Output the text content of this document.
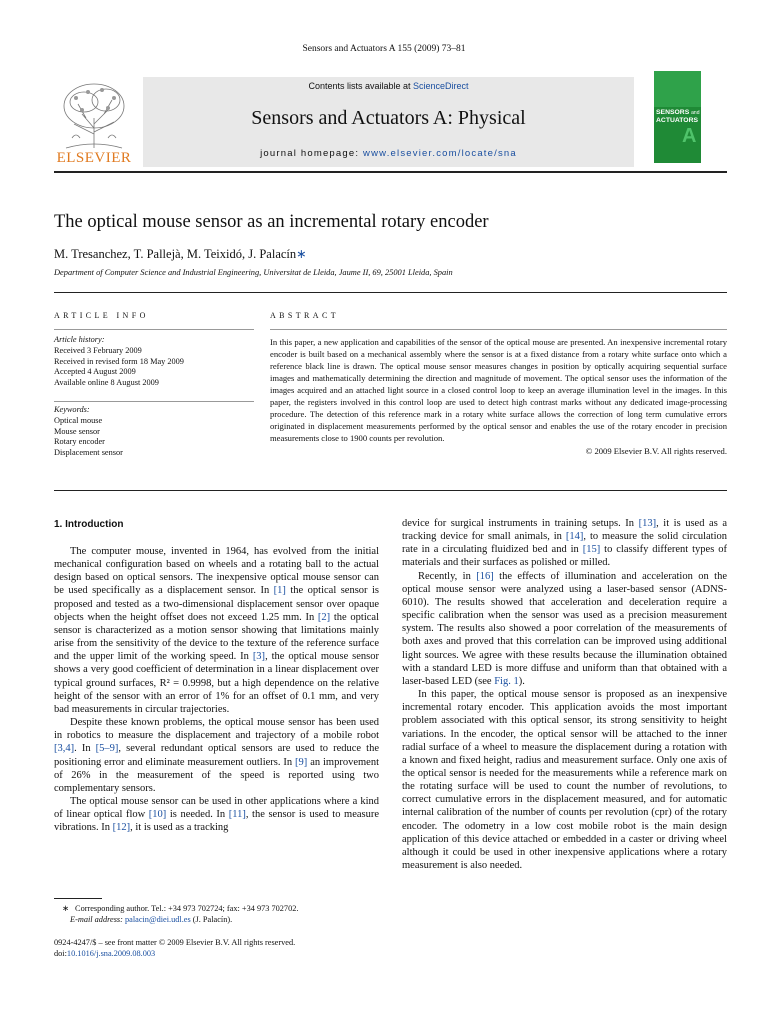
Sensors and Actuators A 155 (2009) 73–81
ELSEVIER
Contents lists available at ScienceDirect
Sensors and Actuators A: Physical
journal homepage: www.elsevier.com/locate/sna
SENSORS and
ACTUATORS
A
The optical mouse sensor as an incremental rotary encoder
M. Tresanchez, T. Pallejà, M. Teixidó, J. Palacín∗
Department of Computer Science and Industrial Engineering, Universitat de Lleida, Jaume II, 69, 25001 Lleida, Spain
ARTICLE INFO
Article history:
Received 3 February 2009
Received in revised form 18 May 2009
Accepted 4 August 2009
Available online 8 August 2009
Keywords:
Optical mouse
Mouse sensor
Rotary encoder
Displacement sensor
ABSTRACT
In this paper, a new application and capabilities of the sensor of the optical mouse are presented. An inexpensive incremental rotary encoder is built based on a mechanical assembly where the sensor is at a fixed distance from a rotary white surface onto which a reference black line is drawn. The optical mouse sensor measures changes in position by optically acquiring sequential surface images and mathematically determining the direction and magnitude of movement. The optical sensor uses the information of the images acquired and an attached light source in a closed control loop to keep an average illumination level in the images. In this paper, the registers involved in this control loop are used to detect high contrast marks without any dedicated image-processing procedure. The detection of this reference mark in a rotary white surface allows the correction of long term cumulative errors originated in displacement measurements performed by the optical sensor and enables the use of the rotary encoder in precision measurements close to 1900 counts per revolution.
© 2009 Elsevier B.V. All rights reserved.
1. Introduction

The computer mouse, invented in 1964, has evolved from the initial mechanical configuration based on wheels and a rotating ball to the actual design based on optical sensors. The inexpensive optical mouse sensor can be used specifically as a displacement sensor. In [1] the optical sensor is proposed and tested as a two-dimensional displacement sensor over opaque objects when the height offset does not exceed 1.25 mm. In [2] the optical sensor is characterized as a motion sensor showing that limitations mainly arise from the sensitivity of the device to the texture of the reference surface and the upper limit of the working speed. In [3], the optical mouse sensor shows a very good coefficient of determination in a linear displacement over typical ground surfaces, R² = 0.9998, but a high dependence on the relative height of the sensor with an error of 1% for an offset of 0.1 mm, and very bad measurements in circular trajectories.

Despite these known problems, the optical mouse sensor has been used in robotics to measure the displacement and trajectory of a mobile robot [3,4]. In [5–9], several redundant optical sensors are used to reduce the positioning error and eliminate measurement outliers. In [9] an improvement of 26% in the measurement of the speed is reported using two complementary sensors.

The optical mouse sensor can be used in other applications where a kind of linear optical flow [10] is needed. In [11], the sensor is used to measure vibrations. In [12], it is used as a tracking

device for surgical instruments in training setups. In [13], it is used as a tracking device for small animals, in [14], to measure the solid circulation rate in a circulating fluidized bed and in [15] to classify different types of materials and their surfaces as polished or milled.

Recently, in [16] the effects of illumination and acceleration on the optical mouse sensor were analyzed using a laser-based sensor (ADNS-6010). The results showed that acceleration and deceleration require a specific calibration when the sensor was used as a precision measurement system. The results also showed a poor correlation of the measurements of both axes and proved that this correlation can be improved using additional light sources. We agree with these results because the illumination obtained with a standard LED is more diffuse and uniform than that obtained with a laser-based LED (see Fig. 1).

In this paper, the optical mouse sensor is proposed as an inexpensive incremental rotary encoder. This application avoids the most important problem associated with this optical sensor, its strong sensitivity to height variations. In the encoder, the optical sensor will be attached to the inner radial surface of a wheel to measure the displacement during a rotation with a known and fixed height, radius and measurement surface. Only one axis of the optical sensor is needed for the measurements while a reference mark on the rotating surface will be used to count the number of revolutions, to correct cumulative errors in the displacement measured, and for automatic internal calibration of the number of counts per revolution (cpr) of the rotary encoder. The odometry in a low cost mobile robot is the main design application of this device attached or embedded in a caster or driving wheel although it could be used in other inexpensive applications where a rotary measurement is also needed.

∗ Corresponding author. Tel.: +34 973 702724; fax: +34 973 702702.
E-mail address: palacin@diei.udl.es (J. Palacín).
0924-4247/$ – see front matter © 2009 Elsevier B.V. All rights reserved.
doi:10.1016/j.sna.2009.08.003
